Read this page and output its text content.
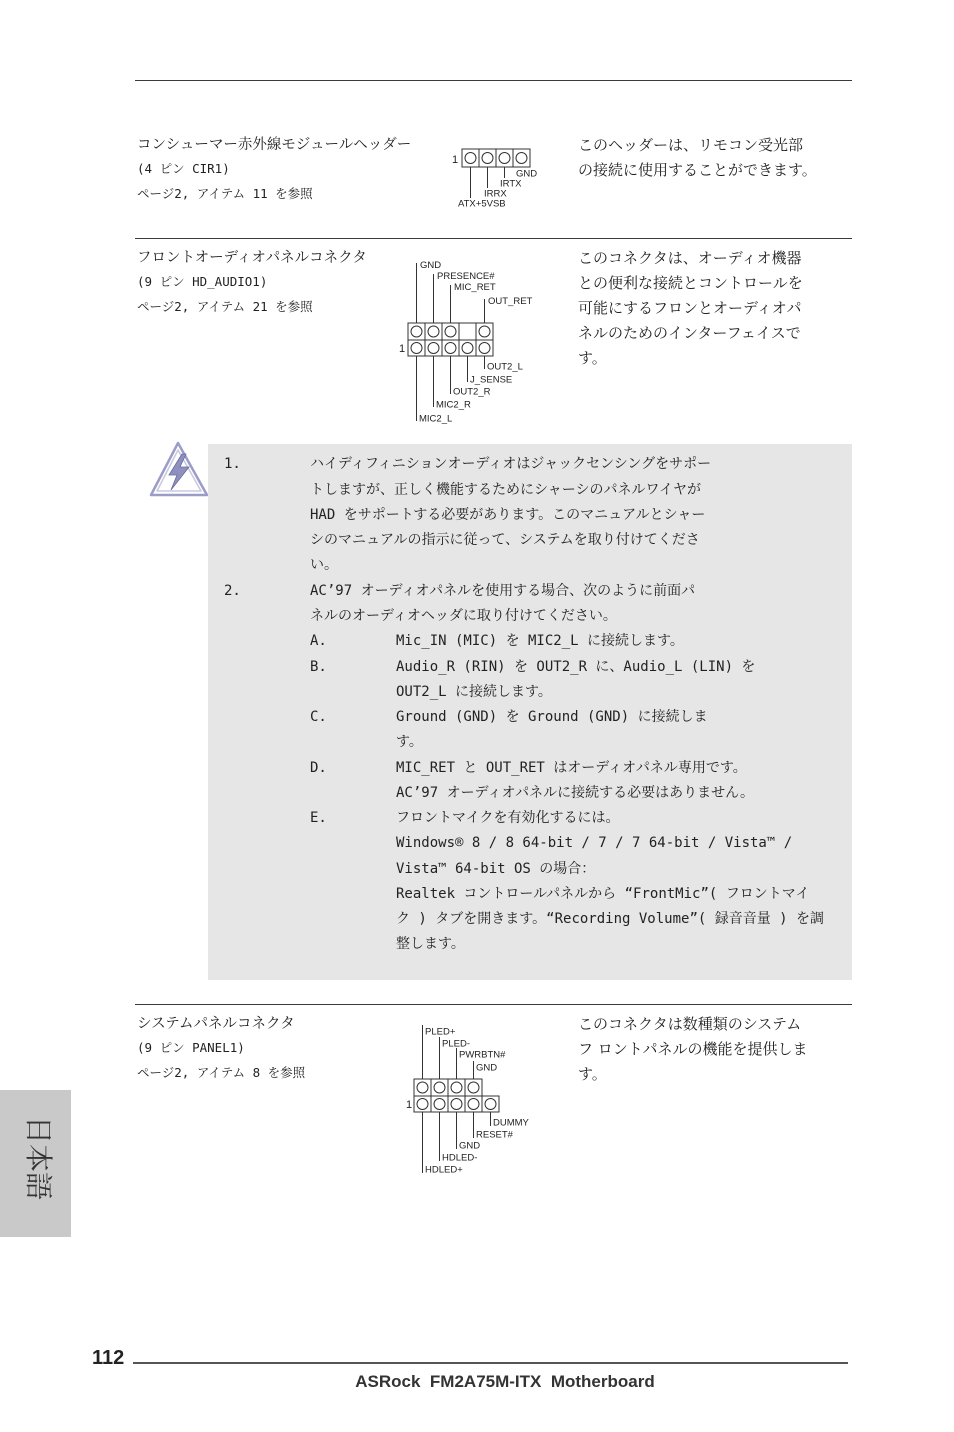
コンシューマー赤外線モジュールヘッダー
(4 ピン CIR1)
ページ2, アイテム 11 を参照
1
GND
IRTX
IRRX
ATX+5VSB
このヘッダーは、リモコン受光部
の接続に使用することができます。
フロントオーディオパネルコネクタ
(9 ピン HD_AUDIO1)
ページ2, アイテム 21 を参照
GND
PRESENCE#
MIC_RET
OUT_RET
1
OUT2_L
J_SENSE
OUT2_R
MIC2_R
MIC2_L
このコネクタは、オーディオ機器
との便利な接続とコントロールを
可能にするフロンとオーディオパ
ネルのためのインターフェイスで
す。
1.	ハイディフィニションオーディオはジャックセンシングをサポー
トしますが、正しく機能するためにシャーシのパネルワイヤが
HAD をサポートする必要があります。このマニュアルとシャー
シのマニュアルの指示に従って、システムを取り付けてくださ
い。
2.	AC’97 オーディオパネルを使用する場合、次のように前面パ
ネルのオーディオヘッダに取り付けてください。
A.	Mic_IN (MIC) を MIC2_L に接続します。
B.	Audio_R (RIN) を OUT2_R に、Audio_L (LIN) を
OUT2_L に接続します。
C.	Ground (GND) を Ground (GND) に接続しま
す。
D.	MIC_RET と OUT_RET はオーディオパネル専用です。
AC’97 オーディオパネルに接続する必要はありません。
E.	フロントマイクを有効化するには。
Windows® 8 / 8 64-bit / 7 / 7 64-bit / Vista™ /
Vista™ 64-bit OS の場合：
Realtek コントロールパネルから “FrontMic”( フロントマイ
ク ) タブを開きます。“Recording Volume”( 録音音量 ) を調
整します。
システムパネルコネクタ
(9 ピン PANEL1)
ページ2, アイテム 8 を参照
PLED+
PLED-
PWRBTN#
GND
1
DUMMY
RESET#
GND
HDLED-
HDLED+
このコネクタは数種類のシステム
フ ロントパネルの機能を提供しま
す。
日本語
112
ASRock  FM2A75M-ITX  Motherboard
